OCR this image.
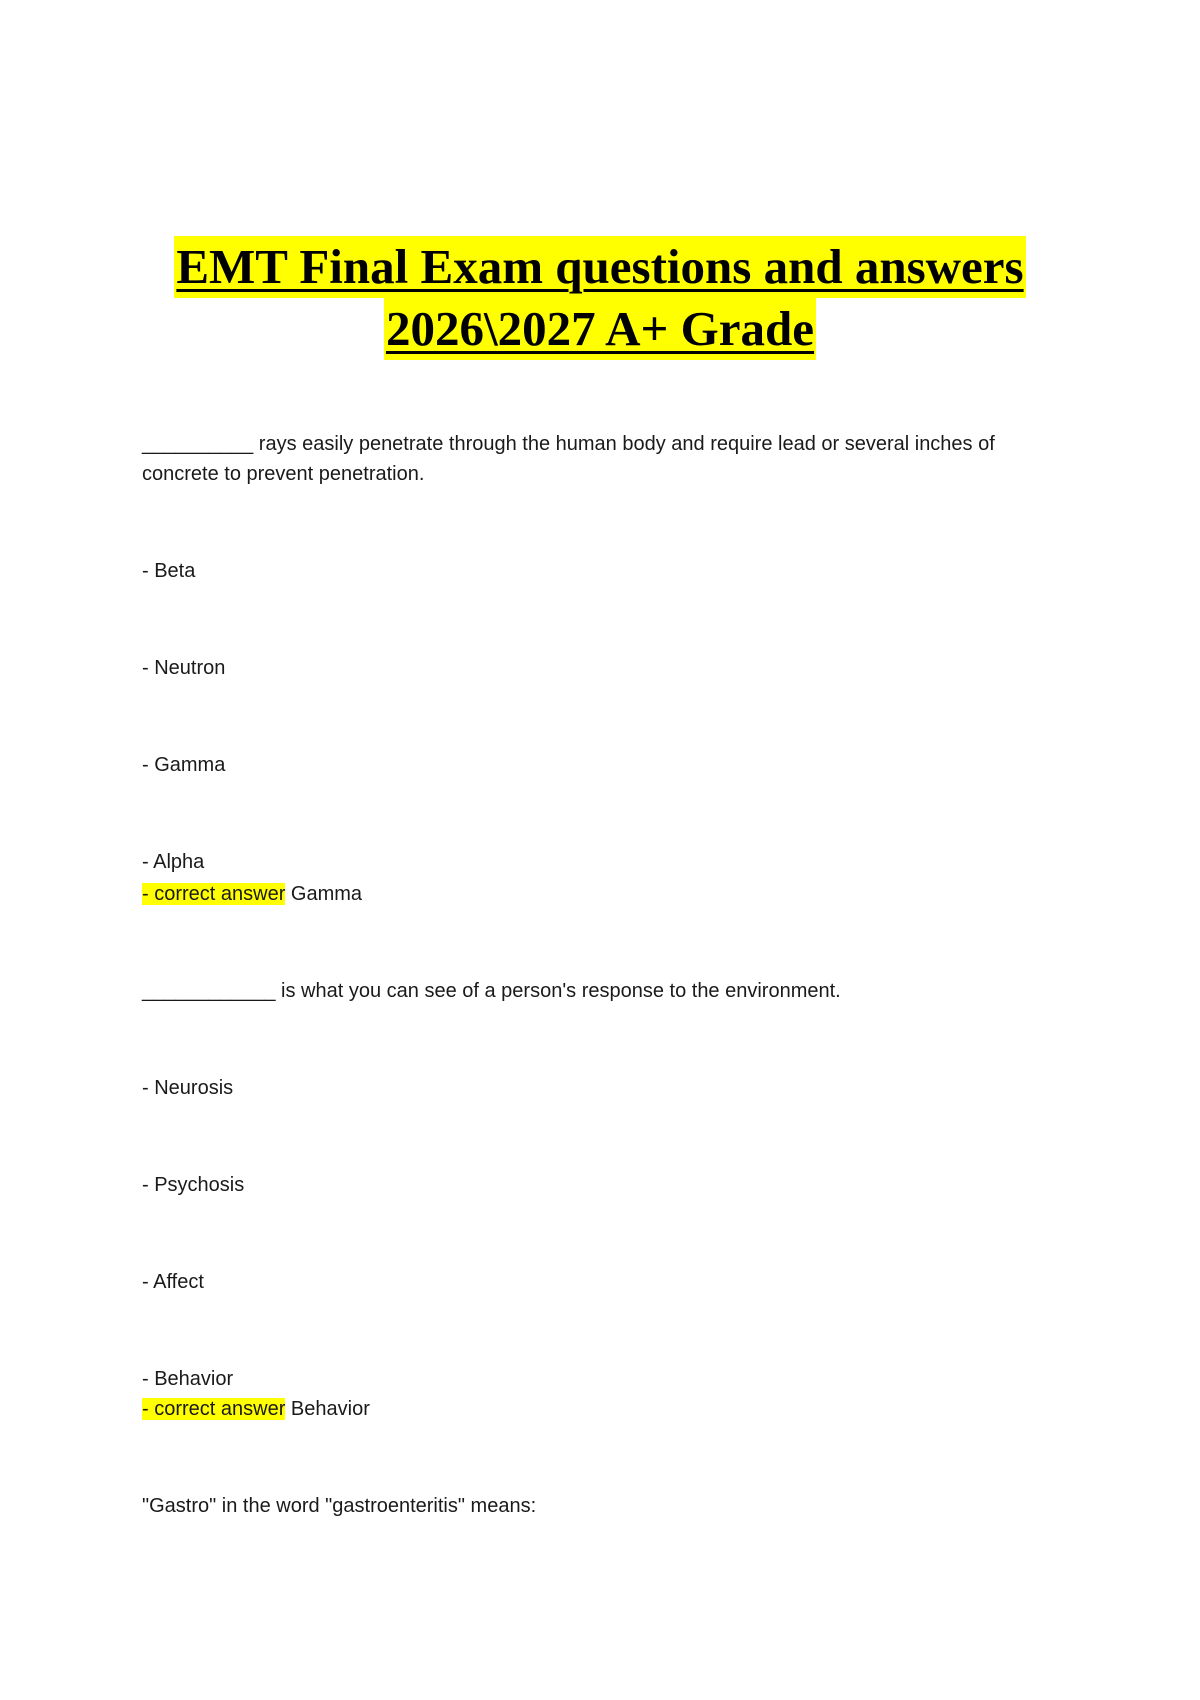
EMT Final Exam questions and answers
2026\2027 A+ Grade
__________ rays easily penetrate through the human body and require lead or several inches of concrete to prevent penetration.
- Beta
- Neutron
- Gamma
- Alpha
- correct answer Gamma
____________ is what you can see of a person's response to the environment.
- Neurosis
- Psychosis
- Affect
- Behavior
- correct answer Behavior
"Gastro" in the word "gastroenteritis" means:
